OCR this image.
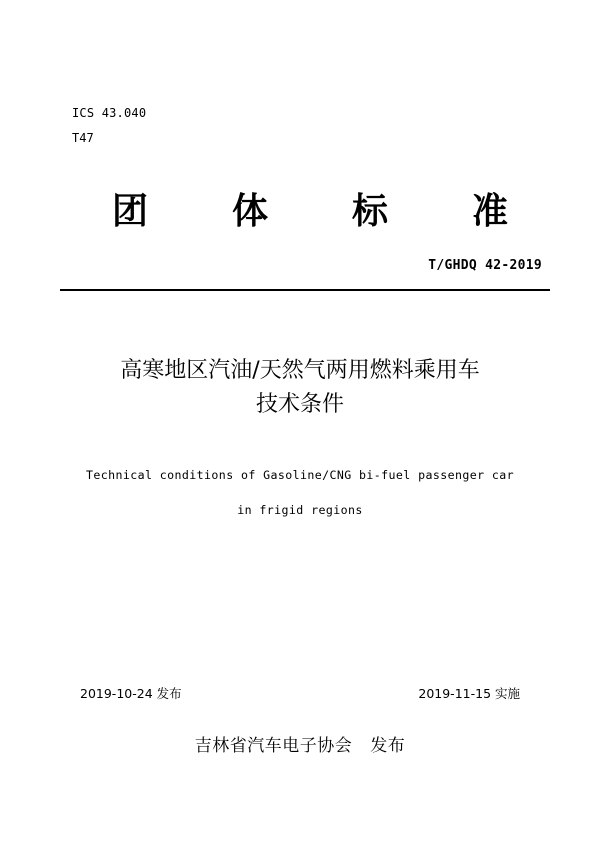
ICS 43.040
T47
团	体	标	准
T/GHDQ 42-2019
高寒地区汽油/天然气两用燃料乘用车
技术条件
Technical conditions of Gasoline/CNG bi-fuel passenger car
in frigid regions
2019-10-24 发布	2019-11-15 实施
吉林省汽车电子协会 发布
